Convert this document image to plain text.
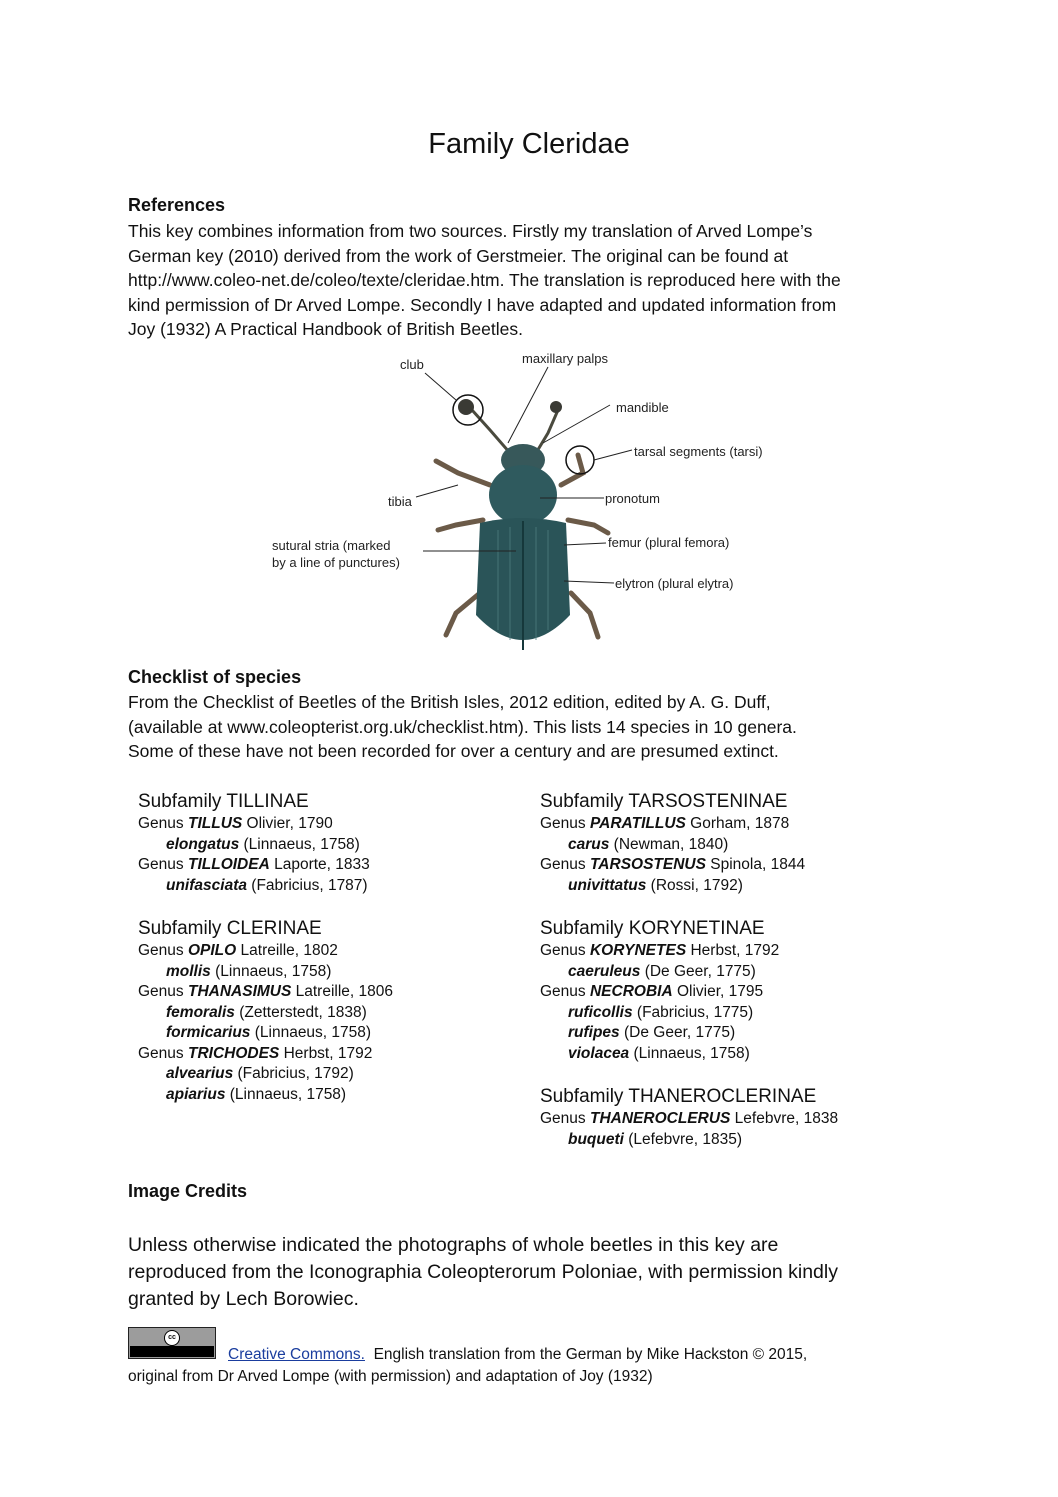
Family Cleridae
References

This key combines information from two sources. Firstly my translation of Arved Lompe’s
German key (2010) derived from the work of Gerstmeier. The original can be found at
http://www.coleo-net.de/coleo/texte/cleridae.htm. The translation is reproduced here with the
kind permission of Dr Arved Lompe. Secondly I have adapted and updated information from
Joy (1932) A Practical Handbook of British Beetles.

club	maxillary palps
mandible
tarsal segments (tarsi)
tibia	pronotum
sutural stria (marked
by a line of punctures)
femur (plural femora)
elytron (plural elytra)
Checklist of species

From the Checklist of Beetles of the British Isles, 2012 edition, edited by A. G. Duff,
(available at www.coleopterist.org.uk/checklist.htm). This lists 14 species in 10 genera.
Some of these have not been recorded for over a century and are presumed extinct.

Subfamily TILLINAE
Genus TILLUS Olivier, 1790
elongatus (Linnaeus, 1758)
Genus TILLOIDEA Laporte, 1833
unifasciata (Fabricius, 1787)
Subfamily CLERINAE
Genus OPILO Latreille, 1802
mollis (Linnaeus, 1758)
Genus THANASIMUS Latreille, 1806
femoralis (Zetterstedt, 1838)
formicarius (Linnaeus, 1758)
Genus TRICHODES Herbst, 1792
alvearius (Fabricius, 1792)
apiarius (Linnaeus, 1758)
Subfamily TARSOSTENINAE
Genus PARATILLUS Gorham, 1878
carus (Newman, 1840)
Genus TARSOSTENUS Spinola, 1844
univittatus (Rossi, 1792)
Subfamily KORYNETINAE
Genus KORYNETES Herbst, 1792
caeruleus (De Geer, 1775)
Genus NECROBIA Olivier, 1795
ruficollis (Fabricius, 1775)
rufipes (De Geer, 1775)
violacea (Linnaeus, 1758)
Subfamily THANEROCLERINAE
Genus THANEROCLERUS Lefebvre, 1838
buqueti (Lefebvre, 1835)
Image Credits

Unless otherwise indicated the photographs of whole beetles in this key are
reproduced from the Iconographia Coleopterorum Poloniae, with permission kindly
granted by Lech Borowiec.

cc

Creative Commons.  English translation from the German by Mike Hackston © 2015,
original from Dr Arved Lompe (with permission) and adaptation of Joy (1932)
